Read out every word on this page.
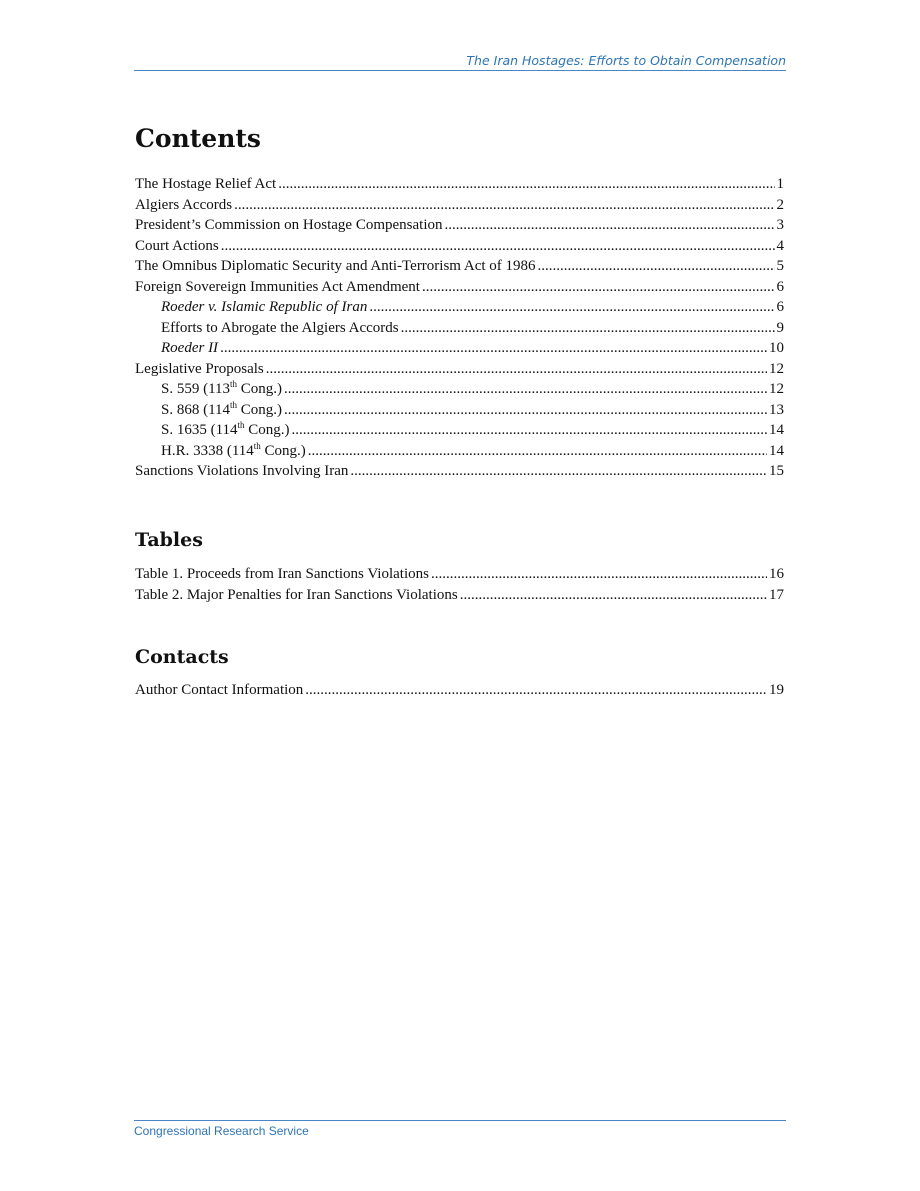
The Iran Hostages: Efforts to Obtain Compensation
Contents
The Hostage Relief Act .....	1
Algiers Accords .....	2
President’s Commission on Hostage Compensation .....	3
Court Actions .....	4
The Omnibus Diplomatic Security and Anti-Terrorism Act of 1986 .....	5
Foreign Sovereign Immunities Act Amendment .....	6
Roeder v. Islamic Republic of Iran .....	6
Efforts to Abrogate the Algiers Accords .....	9
Roeder II .....	10
Legislative Proposals .....	12
S. 559 (113th Cong.) .....	12
S. 868 (114th Cong.) .....	13
S. 1635 (114th Cong.) .....	14
H.R. 3338 (114th Cong.) .....	14
Sanctions Violations Involving Iran .....	15
Tables
Table 1. Proceeds from Iran Sanctions Violations .....	16
Table 2. Major Penalties for Iran Sanctions Violations .....	17
Contacts
Author Contact Information .....	19
Congressional Research Service
